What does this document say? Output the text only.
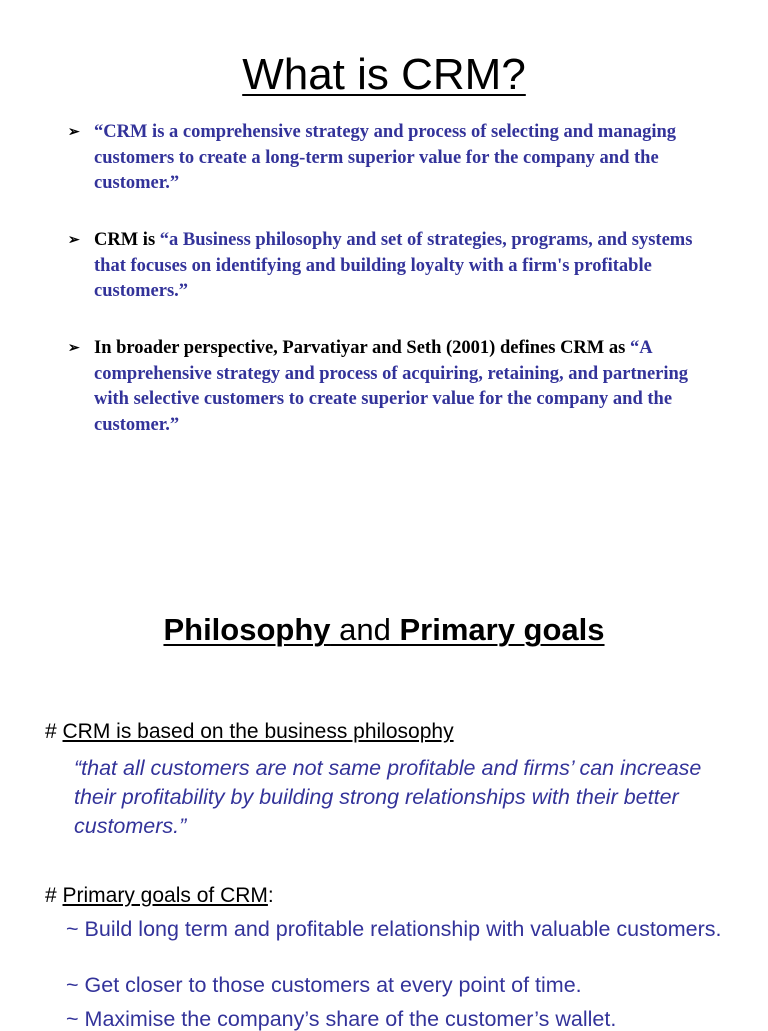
What is CRM?
➢ “CRM is a comprehensive strategy and process of selecting and managing customers to create a long-term superior value for the company and the customer.”
➢ CRM is “a Business philosophy and set of strategies, programs, and systems that focuses on identifying and building loyalty with a firm's profitable customers.”
➢ In broader perspective, Parvatiyar and Seth (2001) defines CRM as “A comprehensive strategy and process of acquiring, retaining, and partnering with selective customers to create superior value for the company and the customer.”
Philosophy and Primary goals
# CRM is based on the business philosophy
“that all customers are not same profitable and firms’ can increase their profitability by building strong relationships with their better customers.”
# Primary goals of CRM:
~ Build long term and profitable relationship with valuable customers.
~ Get closer to those customers at every point of time.
~ Maximise the company’s share of the customer’s wallet.
